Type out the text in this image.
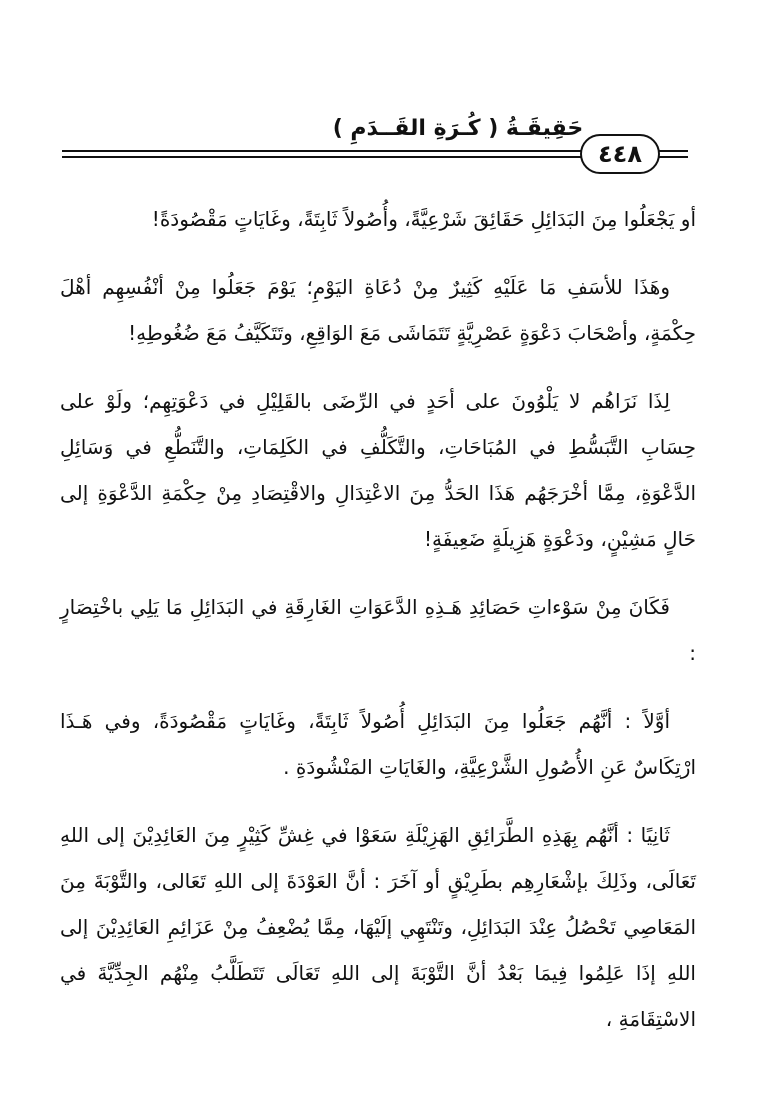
حَقِيقَـةُ ( كُـرَةِ القَــدَمِ )
٤٤٨

أو يَجْعَلُوا مِنَ البَدَائِلِ حَقَائِقَ شَرْعِيَّةً، وأُصُولاً ثَابِتَةً، وغَايَاتٍ مَقْصُودَةً!

وهَذَا للأسَفِ مَا عَلَيْهِ كَثِيرٌ مِنْ دُعَاةِ اليَوْمِ؛ يَوْمَ جَعَلُوا مِنْ أنْفُسِهِم أهْلَ حِكْمَةٍ، وأصْحَابَ دَعْوَةٍ عَصْرِيَّةٍ تَتَمَاشَى مَعَ الوَاقِعِ، وتَتَكَيَّفُ مَعَ ضُغُوطِهِ!

لِذَا نَرَاهُم لا يَلْوُونَ على أحَدٍ في الرِّضَى بالقَلِيْلِ في دَعْوَتِهِم؛ ولَوْ على حِسَابِ التَّبَسُّطِ في المُبَاحَاتِ، والتَّكَلُّفِ في الكَلِمَاتِ، والتَّنَطُّعِ في وَسَائِلِ الدَّعْوَةِ، مِمَّا أخْرَجَهُم هَذَا الحَدُّ مِنَ الاعْتِدَالِ والاقْتِصَادِ مِنْ حِكْمَةِ الدَّعْوَةِ إلى حَالٍ مَشِيْنٍ، ودَعْوَةٍ هَزِيلَةٍ ضَعِيفَةٍ!

فَكَانَ مِنْ سَوْءاتِ حَصَائِدِ هَـذِهِ الدَّعَوَاتِ الغَارِقَةِ في البَدَائِلِ مَا يَلِي باخْتِصَارٍ :

أوَّلاً : أنَّهُم جَعَلُوا مِنَ البَدَائِلِ أُصُولاً ثَابِتَةً، وغَايَاتٍ مَقْصُودَةً، وفي هَـذَا ارْتِكَاسٌ عَنِ الأُصُولِ الشَّرْعِيَّةِ، والغَايَاتِ المَنْشُودَةِ .

ثَانِيًا : أنَّهُم بِهَذِهِ الطَّرَائِقِ الهَزِيْلَةِ سَعَوْا في غِشِّ كَثِيْرٍ مِنَ العَائِدِيْنَ إلى اللهِ تَعَالَى، وذَلِكَ بإشْعَارِهِم بطَرِيْقٍ أو آخَرَ : أنَّ العَوْدَةَ إلى اللهِ تَعَالى، والتَّوْبَةَ مِنَ المَعَاصِي تَحْصُلُ عِنْدَ البَدَائِلِ، وتَنْتَهِي إلَيْهَا، مِمَّا يُضْعِفُ مِنْ عَزَائِمِ العَائِدِيْنَ إلى اللهِ إذَا عَلِمُوا فِيمَا بَعْدُ أنَّ التَّوْبَةَ إلى اللهِ تَعَالَى تَتَطَلَّبُ مِنْهُم الجِدِّيَّةَ في الاسْتِقَامَةِ ،
